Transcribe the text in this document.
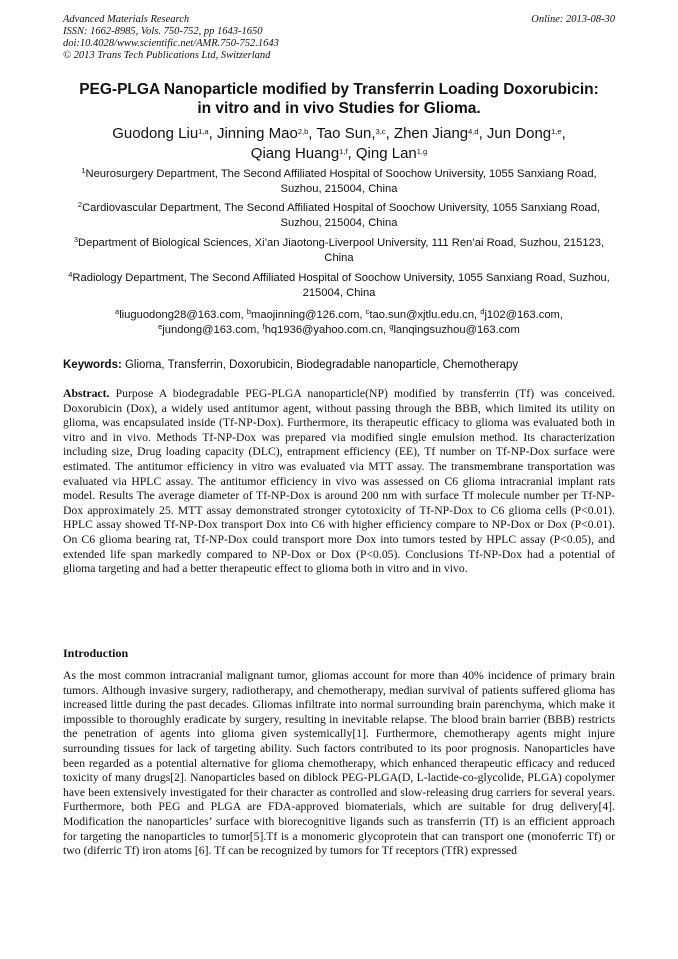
Advanced Materials Research
ISSN: 1662-8985, Vols. 750-752, pp 1643-1650
doi:10.4028/www.scientific.net/AMR.750-752.1643
© 2013 Trans Tech Publications Ltd, Switzerland
Online: 2013-08-30
PEG-PLGA Nanoparticle modified by Transferrin Loading Doxorubicin:
in vitro and in vivo Studies for Glioma.
Guodong Liu$^{1,a}$, Jinning Mao$^{2,b}$, Tao Sun,$^{3,c}$, Zhen Jiang$^{4,d}$, Jun Dong$^{1,e}$,
Qiang Huang$^{1,f}$, Qing Lan$^{1,g}$
$^1$Neurosurgery Department, The Second Affiliated Hospital of Soochow University, 1055 Sanxiang Road, Suzhou, 215004, China
$^2$Cardiovascular Department, The Second Affiliated Hospital of Soochow University, 1055 Sanxiang Road, Suzhou, 215004, China
$^3$Department of Biological Sciences, Xi’an Jiaotong-Liverpool University, 111 Ren’ai Road, Suzhou, 215123, China
$^4$Radiology Department, The Second Affiliated Hospital of Soochow University, 1055 Sanxiang Road, Suzhou, 215004, China
$^a$liuguodong28@163.com, $^b$maojinning@126.com, $^c$tao.sun@xjtlu.edu.cn, $^d$j102@163.com,
$^e$jundong@163.com, $^f$hq1936@yahoo.com.cn, $^g$lanqingsuzhou@163.com
Keywords: Glioma, Transferrin, Doxorubicin, Biodegradable nanoparticle, Chemotherapy
Abstract. Purpose A biodegradable PEG-PLGA nanoparticle(NP) modified by transferrin (Tf) was conceived. Doxorubicin (Dox), a widely used antitumor agent, without passing through the BBB, which limited its utility on glioma, was encapsulated inside (Tf-NP-Dox). Furthermore, its therapeutic efficacy to glioma was evaluated both in vitro and in vivo. Methods Tf-NP-Dox was prepared via modified single emulsion method. Its characterization including size, Drug loading capacity (DLC), entrapment efficiency (EE), Tf number on Tf-NP-Dox surface were estimated. The antitumor efficiency in vitro was evaluated via MTT assay. The transmembrane transportation was evaluated via HPLC assay. The antitumor efficiency in vivo was assessed on C6 glioma intracranial implant rats model. Results The average diameter of Tf-NP-Dox is around 200 nm with surface Tf molecule number per Tf-NP-Dox approximately 25. MTT assay demonstrated stronger cytotoxicity of Tf-NP-Dox to C6 glioma cells (P<0.01). HPLC assay showed Tf-NP-Dox transport Dox into C6 with higher efficiency compare to NP-Dox or Dox (P<0.01). On C6 glioma bearing rat, Tf-NP-Dox could transport more Dox into tumors tested by HPLC assay (P<0.05), and extended life span markedly compared to NP-Dox or Dox (P<0.05). Conclusions Tf-NP-Dox had a potential of glioma targeting and had a better therapeutic effect to glioma both in vitro and in vivo.
Introduction
As the most common intracranial malignant tumor, gliomas account for more than 40% incidence of primary brain tumors. Although invasive surgery, radiotherapy, and chemotherapy, median survival of patients suffered glioma has increased little during the past decades. Gliomas infiltrate into normal surrounding brain parenchyma, which make it impossible to thoroughly eradicate by surgery, resulting in inevitable relapse. The blood brain barrier (BBB) restricts the penetration of agents into glioma given systemically[1]. Furthermore, chemotherapy agents might injure surrounding tissues for lack of targeting ability. Such factors contributed to its poor prognosis. Nanoparticles have been regarded as a potential alternative for glioma chemotherapy, which enhanced therapeutic efficacy and reduced toxicity of many drugs[2]. Nanoparticles based on diblock PEG-PLGA(D, L-lactide-co-glycolide, PLGA) copolymer have been extensively investigated for their character as controlled and slow-releasing drug carriers for several years. Furthermore, both PEG and PLGA are FDA-approved biomaterials, which are suitable for drug delivery[4]. Modification the nanoparticles’ surface with biorecognitive ligands such as transferrin (Tf) is an efficient approach for targeting the nanoparticles to tumor[5].Tf is a monomeric glycoprotein that can transport one (monoferric Tf) or two (diferric Tf) iron atoms [6]. Tf can be recognized by tumors for Tf receptors (TfR) expressed
